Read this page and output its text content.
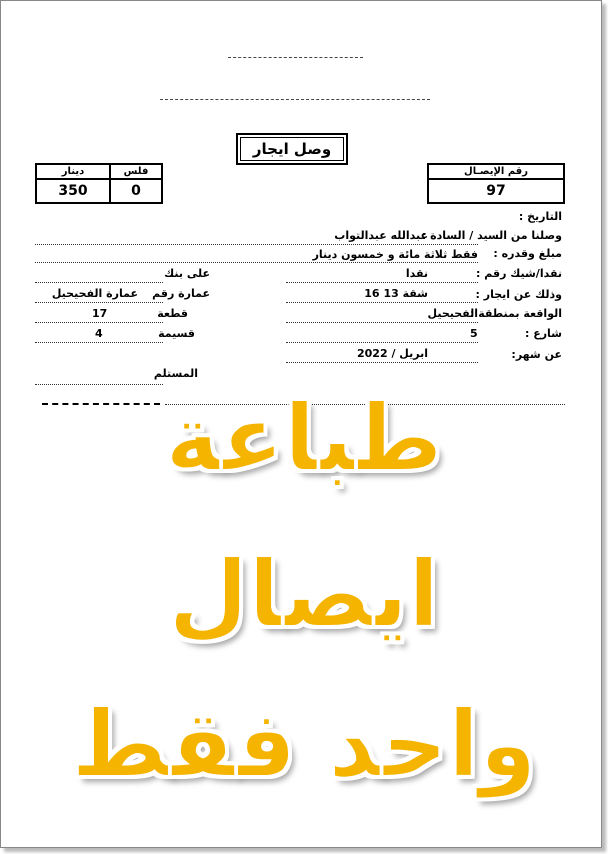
وصل ايجار
دينار	فلس
350	0
رقم الإيصـال
97
التاريخ :
وصلنا من السيد / السادة :
عبدالله عبدالتواب
مبلغ وقدره :
فقط ثلاثة مائة و خمسون دينار
نقدا/شيك رقم :
نقدا
على بنك
وذلك عن ايجار :
شقة 13 16
عمارة رقم
عمارة الفحيحيل
الواقعة بمنطقة :
الفحيحيل
قطعة
17
شارع :
5
قسيمة
4
عن شهر:
ابريل / 2022
المستلم
طباعة
ايصال
واحد فقط
